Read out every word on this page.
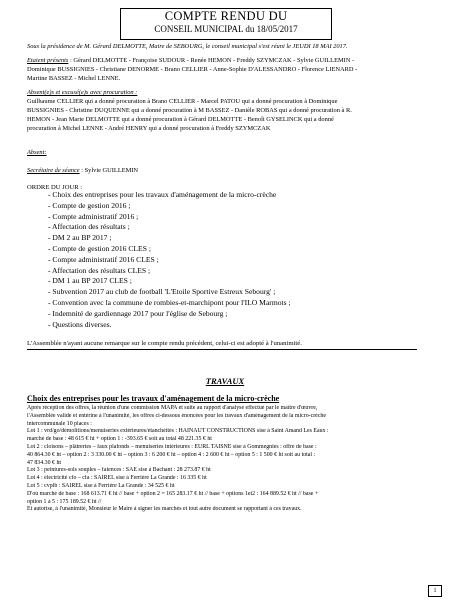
COMPTE RENDU DU
CONSEIL MUNICIPAL du 18/05/2017
Sous la présidence de M. Gérard DELMOTTE, Maire de SEBOURG, le conseil municipal s'est réuni le JEUDI 18 MAI 2017.
Etaient présents : Gérard DELMOTTE - Françoise SUDOUR - Renée HEMON - Freddy SZYMCZAK - Sylvie GUILLEMIN -
Dominique BUSSIGNIES - Christiane DENORME - Brano CELLIER - Anne-Sophie D'ALESSANDRO - Florence LIENARD -
Martine BASSEZ - Michel LENNE.
Absent(e)s et excusé(e)s avec procuration :
Guilhaume CELLIER qui a donné procuration à Brano CELLIER - Marcel PATOU qui a donné procuration à Dominique
BUSSIGNIES - Christine DUQUENNE qui a donné procuration à M BASSEZ - Danièle ROBAS qui a donné procuration à R.
HEMON - Jean Marie DELMOTTE qui a donné procuration à Gérard DELMOTTE - Benoît GYSELINCK qui a donné
procuration à Michel LENNE - André HENRY qui a donné procuration à Freddy SZYMCZAK
Absent:
Secrétaire de séance : Sylvie GUILLEMIN
ORDRE DU JOUR :
- Choix des entreprises pour les travaux d'aménagement de la micro-crèche
- Compte de gestion 2016 ;
- Compte administratif 2016 ;
- Affectation des résultats ;
- DM 2 au BP 2017 ;
- Compte de gestion 2016 CLES ;
- Compte administratif 2016 CLES ;
- Affectation des résultats CLES ;
- DM 1 au BP 2017 CLES ;
- Subvention 2017 au club de football 'L'Etoile Sportive Estreux Sebourg' ;
- Convention avec la commune de rombies-et-marchipont pour l'ILO Marmots ;
- Indemnité de gardiennage 2017 pour l'église de Sebourg ;
- Questions diverses.
L'Assemblée n'ayant aucune remarque sur le compte rendu précédent, celui-ci est adopté à l'unanimité.
TRAVAUX
Choix des entreprises pour les travaux d'aménagement de la micro-crèche
Après réception des offres, la réunion d'une commission MAPA et suite au rapport d'analyse effectué par le maître d'œuvre,
l'Assemblée valide et entérine à l'unanimité, les offres ci-dessous énoncées pour les travaux d'aménagement de la micro-crèche
intercommunale 10 places :
Lot 1 : vrd/go/démolitions/menuiseries extérieures/étanchéités : HAINAUT CONSTRUCTIONS sise à Saint Amand Les Eaux :
marché de base : 48 615 € ht + option 1 : -393.65 € soit au total 48 221.35 € ht
Lot 2 : cloisons – plâtreries – faux plafonds – menuiseries intérieures : EURL TAISNE sise à Gommegnies : offre de base :
40 864.30 € ht – option 2 : 3 330.00 € ht – option 3 : 6 200 € ht – option 4 : 2 600 € ht – option 5 : 1 500 € ht soit au total :
47 834.30 € ht
Lot 3 : peintures-sols souples – faiences : SAE sise à Bachant : 28 273.87 € ht
Lot 4 : électricité cfo – cfa : SAIREL sise à Ferrière La Grande : 16 335 € ht
Lot 5 : cvplb : SAIREL sise à Ferrière La Grande : 34 525 € ht
D'où marché de base : 168 613.71 € ht // base + option 2 = 165 283.17 € ht // base + options 1et2 : 164 889.52 € ht // base +
option 1 à 5 : 175 189.52 € ht //
Et autorise, à l'unanimité, Monsieur le Maire à signer les marchés et tout autre document se rapportant à ces travaux.
1
